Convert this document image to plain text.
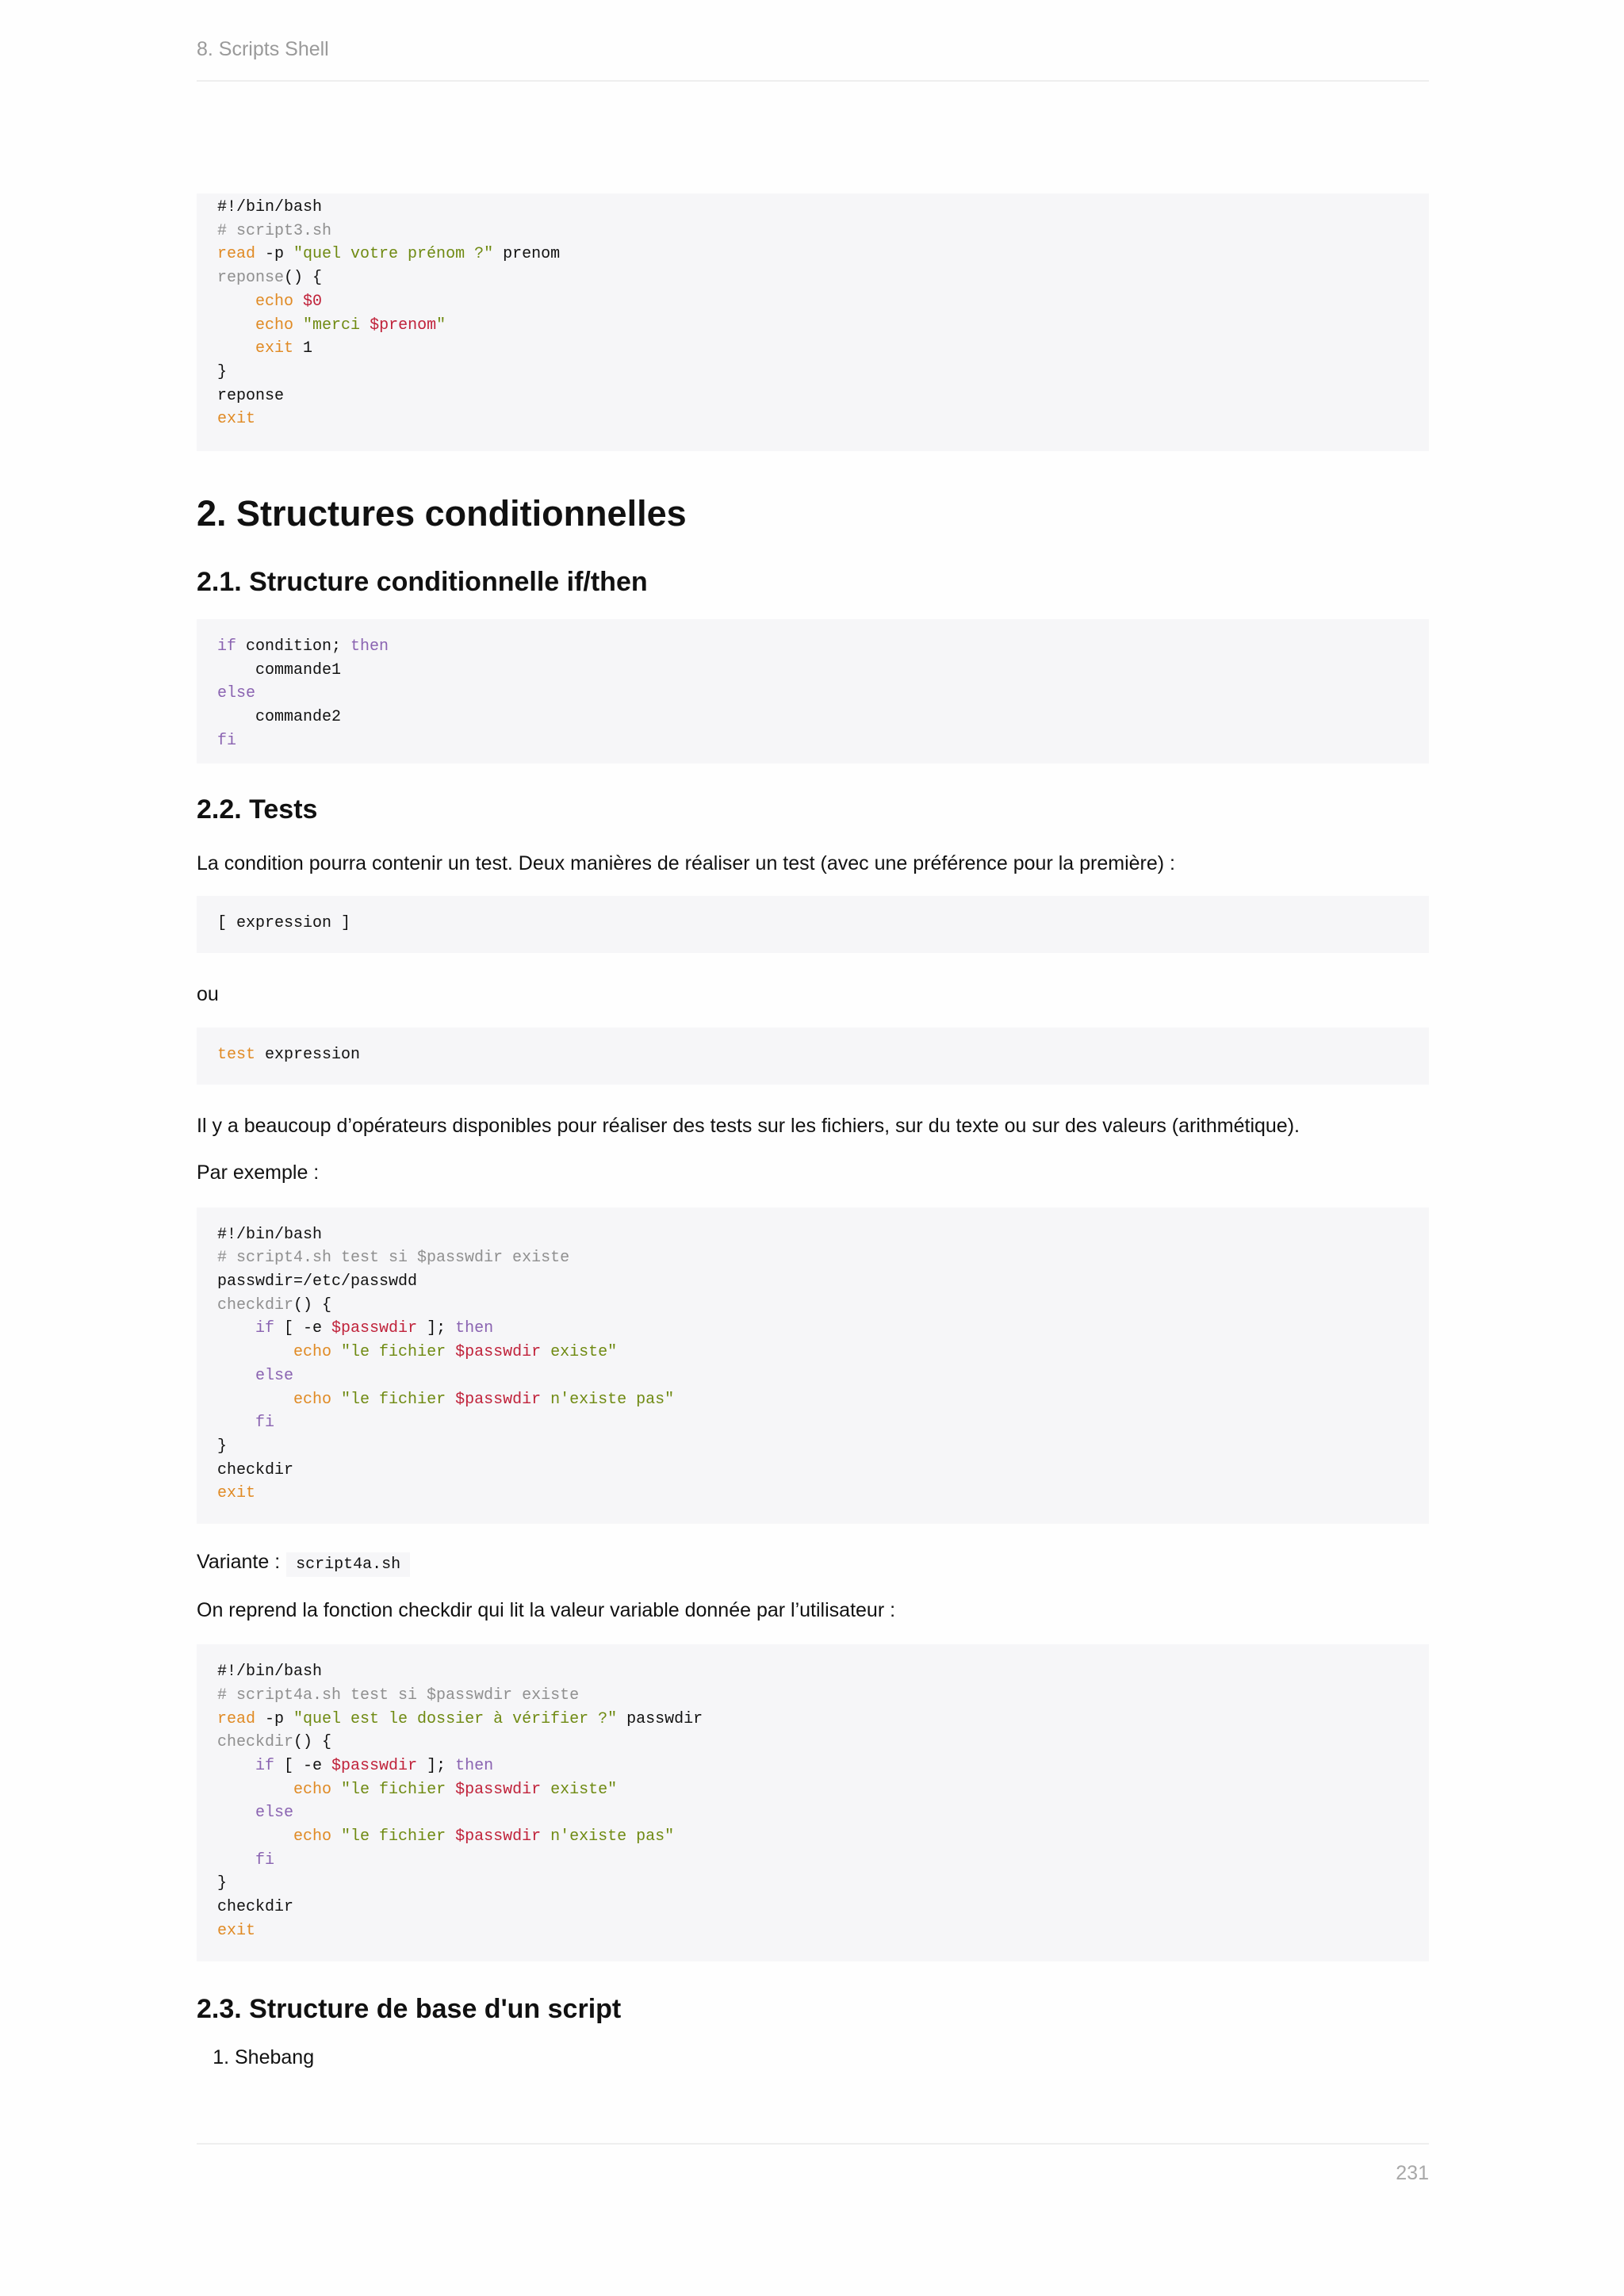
8. Scripts Shell
#!/bin/bash
# script3.sh
read -p "quel votre prénom ?" prenom
reponse() {
echo $0
echo "merci $prenom"
exit 1
}
reponse
exit
2. Structures conditionnelles
2.1. Structure conditionnelle if/then
if condition; then
commande1
else
commande2
fi
2.2. Tests

La condition pourra contenir un test. Deux manières de réaliser un test (avec une préférence pour la première) :

[ expression ]

ou

test expression

Il y a beaucoup d’opérateurs disponibles pour réaliser des tests sur les fichiers, sur du texte ou sur des valeurs (arithmétique).

Par exemple :

#!/bin/bash
# script4.sh test si $passwdir existe
passwdir=/etc/passwdd
checkdir() {
if [ -e $passwdir ]; then
echo "le fichier $passwdir existe"
else
echo "le fichier $passwdir n'existe pas"
fi
}
checkdir
exit

Variante : script4a.sh

On reprend la fonction checkdir qui lit la valeur variable donnée par l’utilisateur :

#!/bin/bash
# script4a.sh test si $passwdir existe
read -p "quel est le dossier à vérifier ?" passwdir
checkdir() {
if [ -e $passwdir ]; then
echo "le fichier $passwdir existe"
else
echo "le fichier $passwdir n'existe pas"
fi
}
checkdir
exit
2.3. Structure de base d'un script
1. Shebang
231
